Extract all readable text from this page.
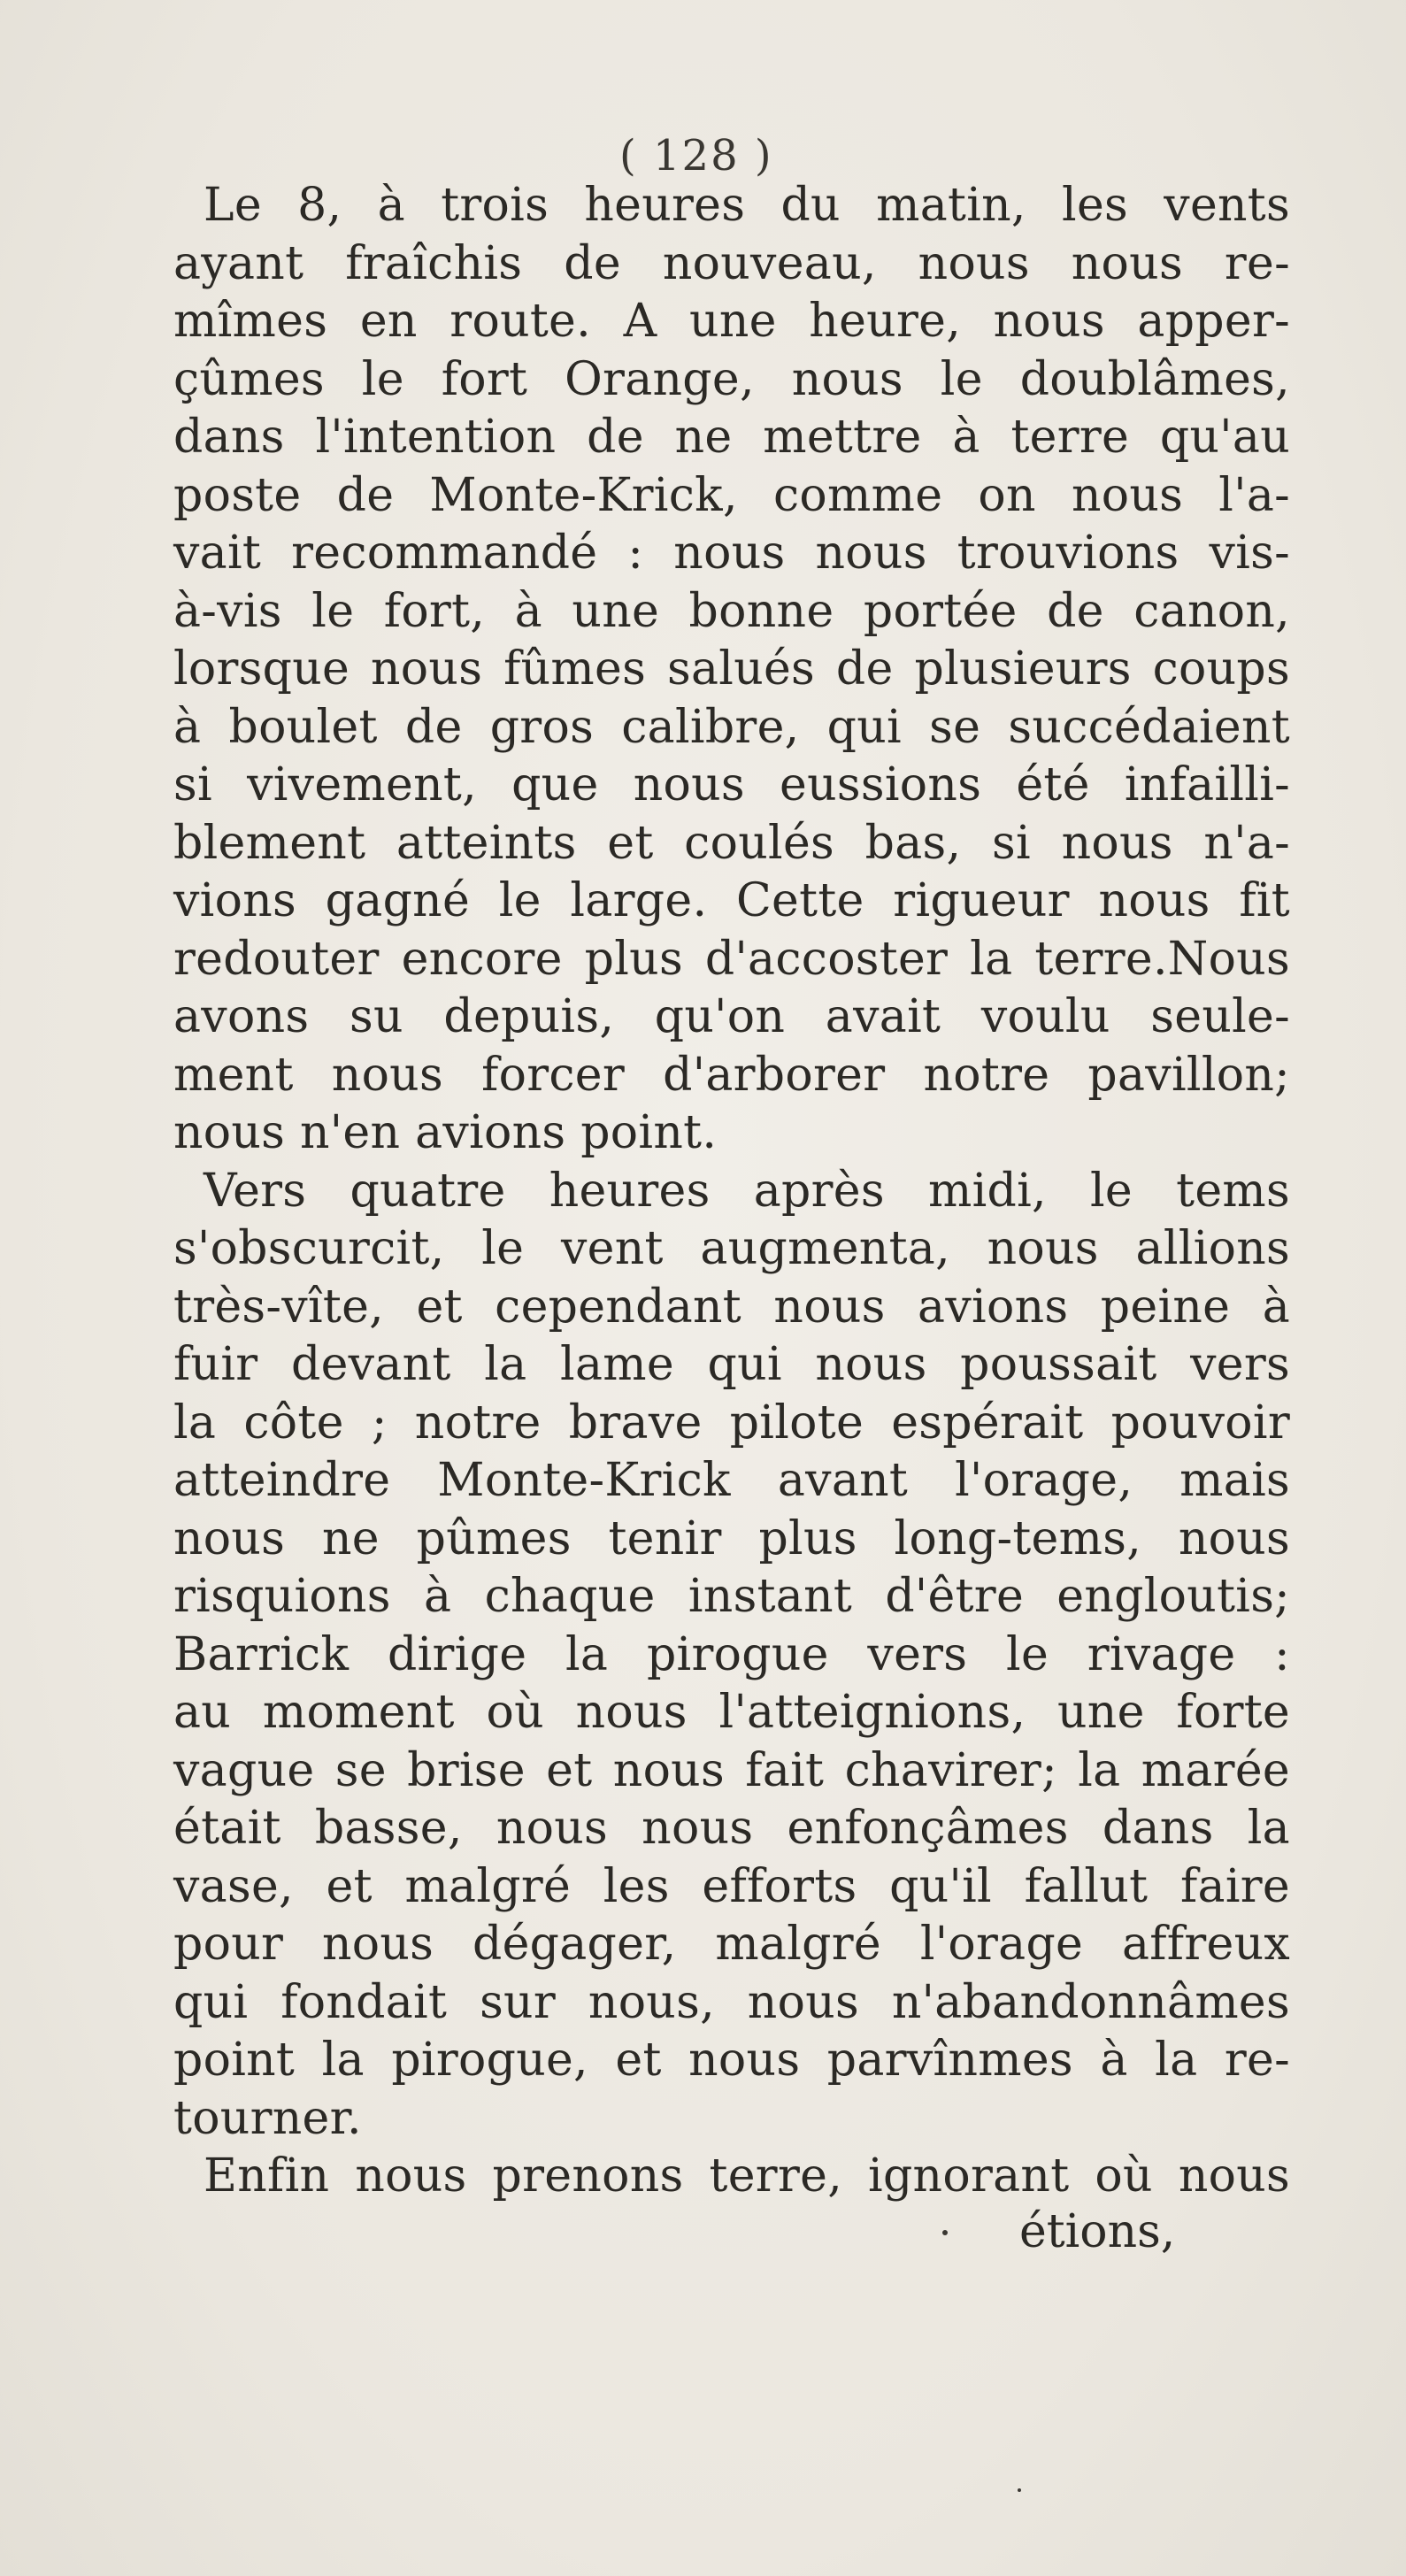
( 128 )
Le 8, à trois heures du matin, les vents
ayant fraîchis de nouveau, nous nous re-
mîmes en route. A une heure, nous apper-
çûmes le fort Orange, nous le doublâmes,
dans l'intention de ne mettre à terre qu'au
poste de Monte-Krick, comme on nous l'a-
vait recommandé : nous nous trouvions vis-
à-vis le fort, à une bonne portée de canon,
lorsque nous fûmes salués de plusieurs coups
à boulet de gros calibre, qui se succédaient
si vivement, que nous eussions été infailli-
blement atteints et coulés bas, si nous n'a-
vions gagné le large. Cette rigueur nous fit
redouter encore plus d'accoster la terre.Nous
avons su depuis, qu'on avait voulu seule-
ment nous forcer d'arborer notre pavillon;
nous n'en avions point.
Vers quatre heures après midi, le tems
s'obscurcit, le vent augmenta, nous allions
très-vîte, et cependant nous avions peine à
fuir devant la lame qui nous poussait vers
la côte ; notre brave pilote espérait pouvoir
atteindre Monte-Krick avant l'orage, mais
nous ne pûmes tenir plus long-tems, nous
risquions à chaque instant d'être engloutis;
Barrick dirige la pirogue vers le rivage :
au moment où nous l'atteignions, une forte
vague se brise et nous fait chavirer; la marée
était basse, nous nous enfonçâmes dans la
vase, et malgré les efforts qu'il fallut faire
pour nous dégager, malgré l'orage affreux
qui fondait sur nous, nous n'abandonnâmes
point la pirogue, et nous parvînmes à la re-
tourner.
Enfin nous prenons terre, ignorant où nous
étions,
